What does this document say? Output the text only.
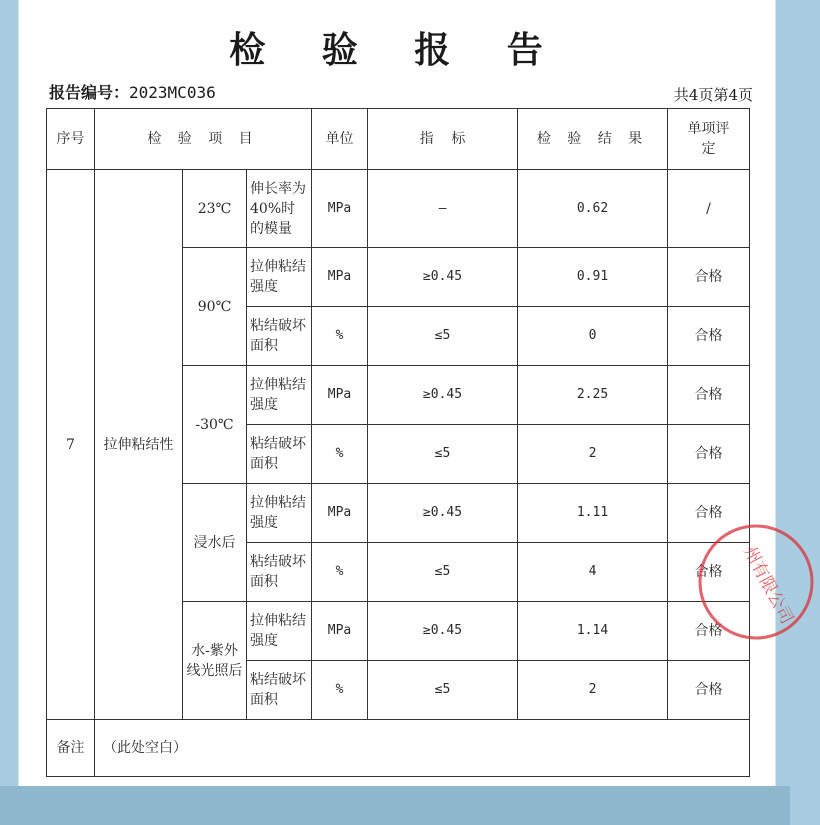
检 验 报 告
报告编号：2023MC036	共4页第4页
序号	检 验 项 目			单位	指    标	检 验 结 果	单项评定
7	拉伸粘结性	23℃	伸长率为40%时的模量	MPa	—	0.62	/
		90℃	拉伸粘结强度	MPa	≥0.45	0.91	合格
			粘结破坏面积	%	≤5	0	合格
		-30℃	拉伸粘结强度	MPa	≥0.45	2.25	合格
			粘结破坏面积	%	≤5	2	合格
		浸水后	拉伸粘结强度	MPa	≥0.45	1.11	合格
			粘结破坏面积	%	≤5	4	合格
		水-紫外线光照后	拉伸粘结强度	MPa	≥0.45	1.14	合格
			粘结破坏面积	%	≤5	2	合格
备注	（此处空白）						
州有限公司
